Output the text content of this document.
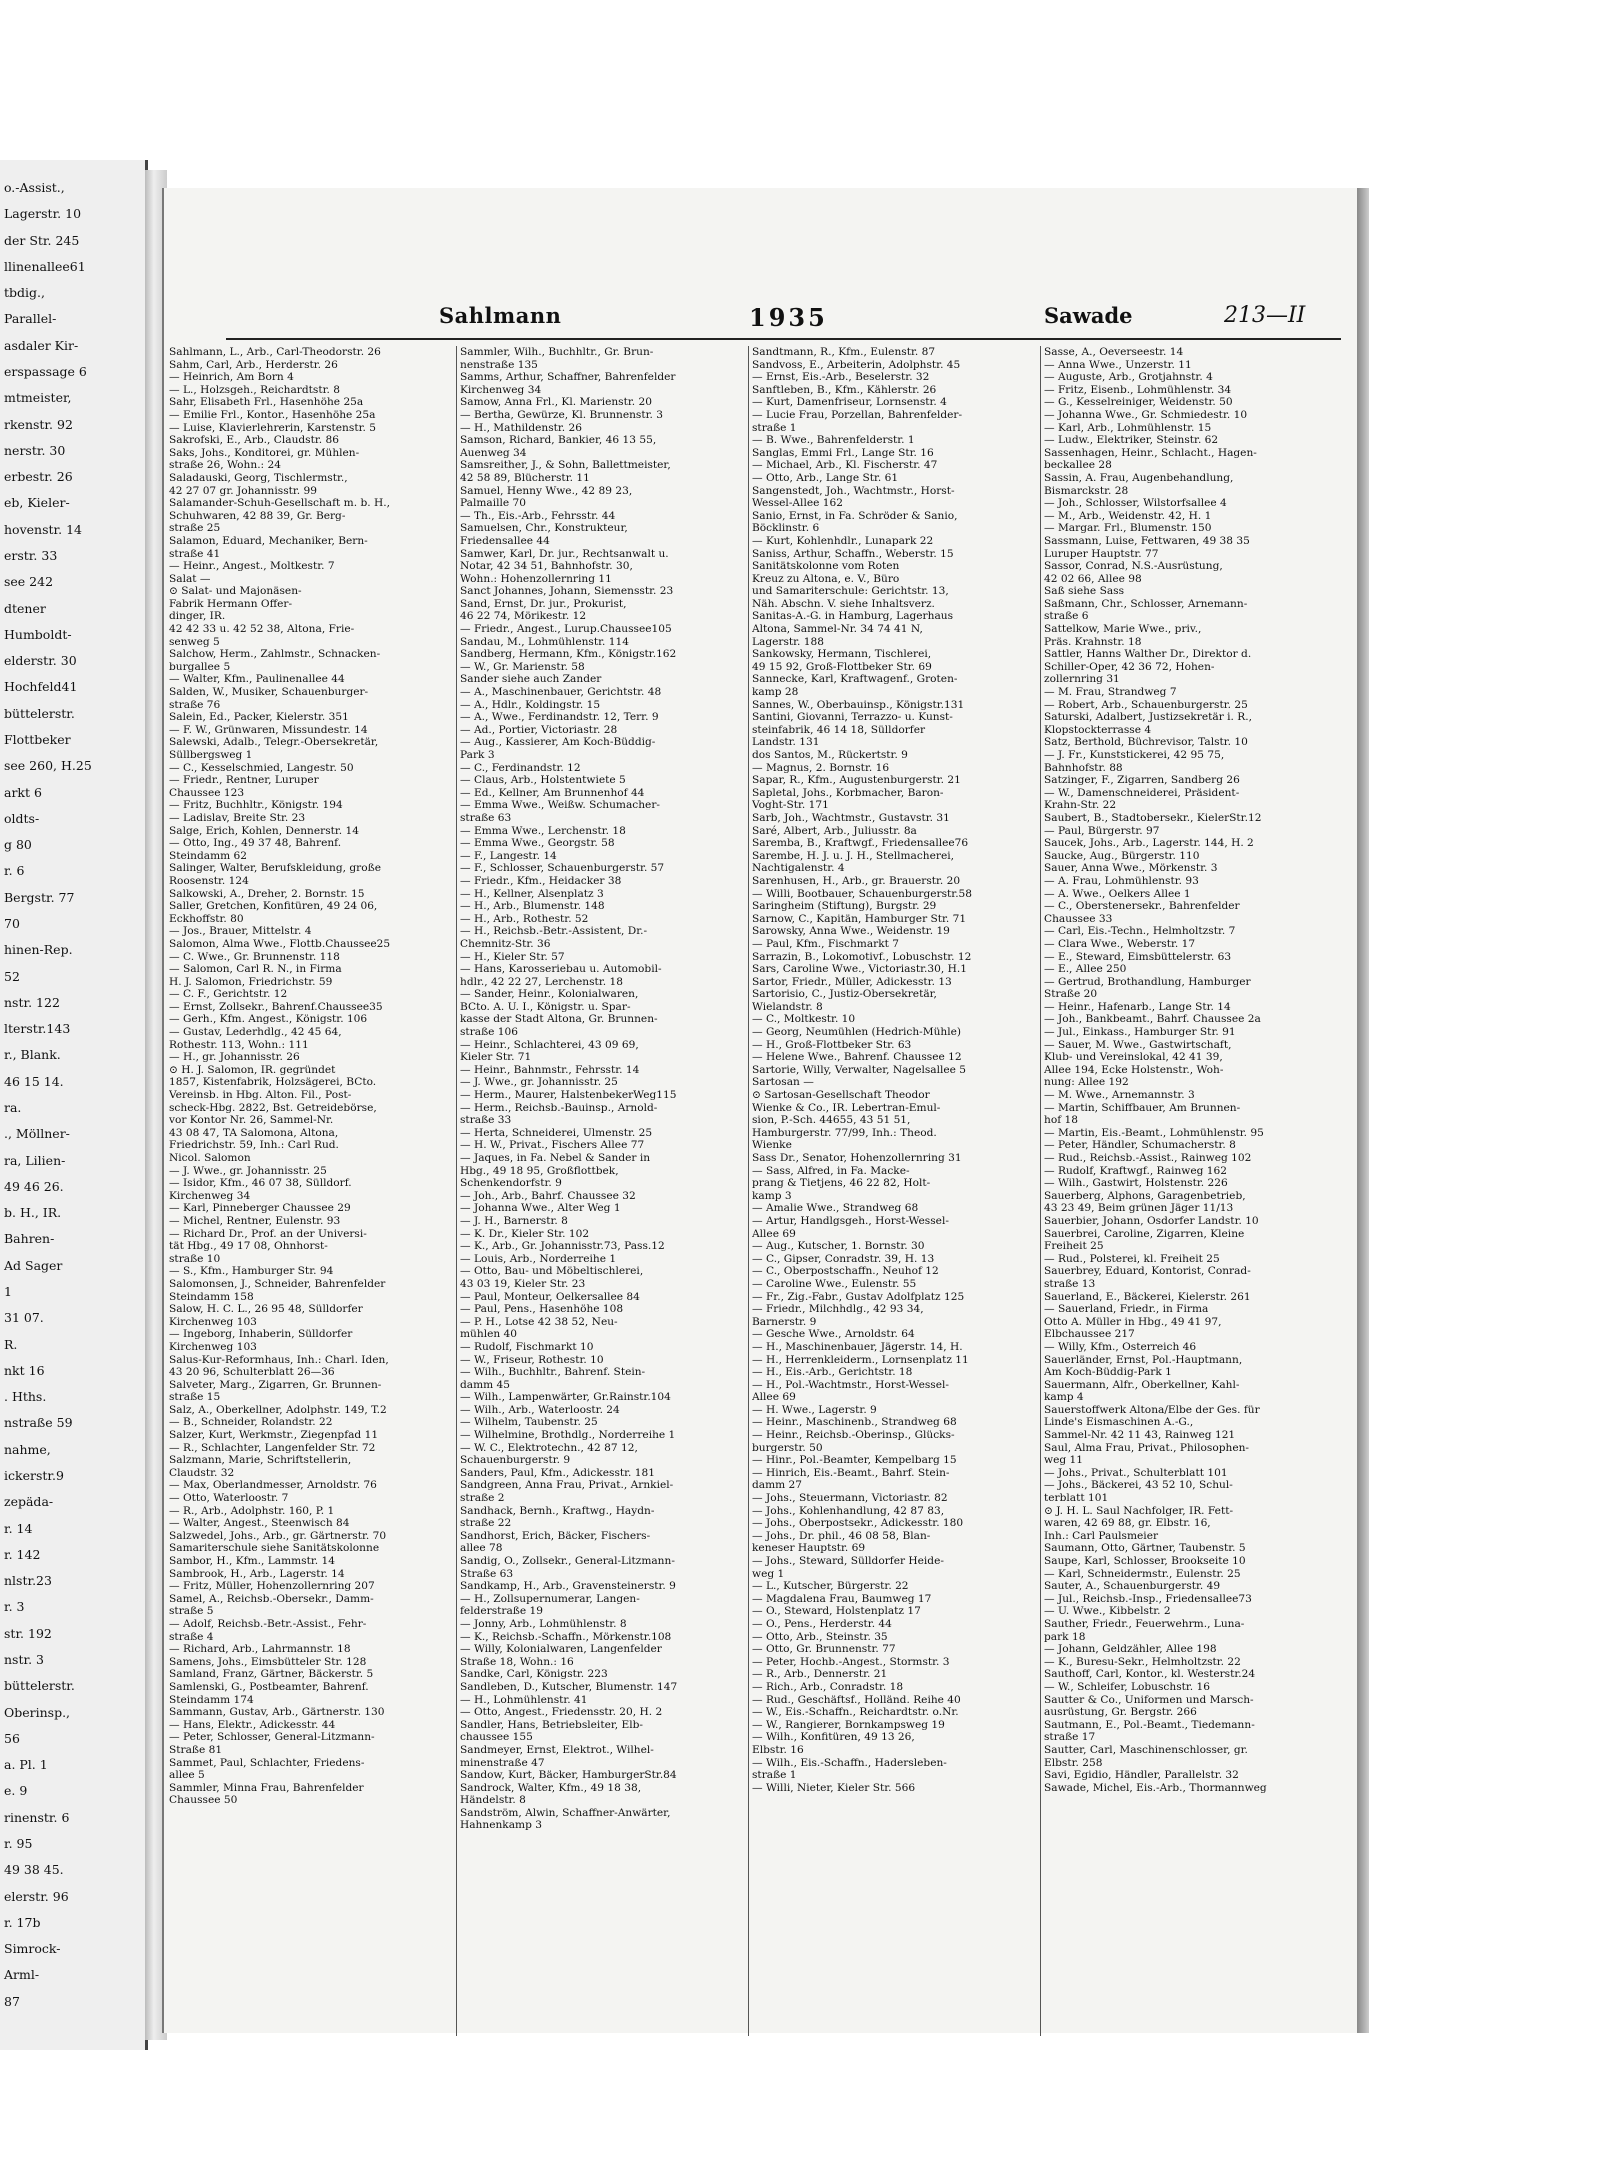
o.-Assist.,
Lagerstr. 10
der Str. 245
llinenallee61
tbdig.,
Parallel-
asdaler Kir-
erspassage 6
mtmeister,
rkenstr. 92
nerstr. 30
erbestr. 26
eb, Kieler-
hovenstr. 14
erstr. 33
see 242
dtener
Humboldt-
elderstr. 30
Hochfeld41
büttelerstr.
Flottbeker
see 260, H.25
arkt 6
oldts-
g 80
r. 6
Bergstr. 77
70
hinen-Rep.
52
nstr. 122
lterstr.143
r., Blank.
46 15 14.
ra.
., Möllner-
ra, Lilien-
49 46 26.
b. H., IR.
Bahren-
Ad Sager
1
31 07.
R.
nkt 16
. Hths.
nstraße 59
nahme,
ickerstr.9
zepäda-
r. 14
r. 142
nlstr.23
r. 3
str. 192
nstr. 3
büttelerstr.
Oberinsp.,
56
a. Pl. 1
e. 9
rinenstr. 6
r. 95
49 38 45.
elerstr. 96
r. 17b
Simrock-
Arml-
87
Sahlmann	1935	Sawade	213—II
Sahlmann, L., Arb., Carl-Theodorstr. 26
Sahm, Carl, Arb., Herderstr. 26
— Heinrich, Am Born 4
— L., Holzsgeh., Reichardtstr. 8
Sahr, Elisabeth Frl., Hasenhöhe 25a
— Emilie Frl., Kontor., Hasenhöhe 25a
— Luise, Klavierlehrerin, Karstenstr. 5
Sakrofski, E., Arb., Claudstr. 86
Saks, Johs., Konditorei, gr. Mühlen-
straße 26, Wohn.: 24
Saladauski, Georg, Tischlermstr.,
42 27 07 gr. Johannisstr. 99
Salamander-Schuh-Gesellschaft m. b. H.,
Schuhwaren, 42 88 39, Gr. Berg-
straße 25
Salamon, Eduard, Mechaniker, Bern-
straße 41
— Heinr., Angest., Moltkestr. 7
Salat —
⊙ Salat- und Majonäsen-
Fabrik Hermann Offer-
dinger, IR.
42 42 33 u. 42 52 38, Altona, Frie-
senweg 5
Salchow, Herm., Zahlmstr., Schnacken-
burgallee 5
— Walter, Kfm., Paulinenallee 44
Salden, W., Musiker, Schauenburger-
straße 76
Salein, Ed., Packer, Kielerstr. 351
— F. W., Grünwaren, Missundestr. 14
Salewski, Adalb., Telegr.-Obersekretär,
Süllbergsweg 1
— C., Kesselschmied, Langestr. 50
— Friedr., Rentner, Luruper
Chaussee 123
— Fritz, Buchhltr., Königstr. 194
— Ladislav, Breite Str. 23
Salge, Erich, Kohlen, Dennerstr. 14
— Otto, Ing., 49 37 48, Bahrenf.
Steindamm 62
Salinger, Walter, Berufskleidung, große
Roosenstr. 124
Salkowski, A., Dreher, 2. Bornstr. 15
Saller, Gretchen, Konfitüren, 49 24 06,
Eckhoffstr. 80
— Jos., Brauer, Mittelstr. 4
Salomon, Alma Wwe., Flottb.Chaussee25
— C. Wwe., Gr. Brunnenstr. 118
— Salomon, Carl R. N., in Firma
H. J. Salomon, Friedrichstr. 59
— C. F., Gerichtstr. 12
— Ernst, Zollsekr., Bahrenf.Chaussee35
— Gerh., Kfm. Angest., Königstr. 106
— Gustav, Lederhdlg., 42 45 64,
Rothestr. 113, Wohn.: 111
— H., gr. Johannisstr. 26
⊙ H. J. Salomon, IR. gegründet
1857, Kistenfabrik, Holzsägerei, BCto.
Vereinsb. in Hbg. Alton. Fil., Post-
scheck-Hbg. 2822, Bst. Getreidebörse,
vor Kontor Nr. 26, Sammel-Nr.
43 08 47, TA Salomona, Altona,
Friedrichstr. 59, Inh.: Carl Rud.
Nicol. Salomon
— J. Wwe., gr. Johannisstr. 25
— Isidor, Kfm., 46 07 38, Sülldorf.
Kirchenweg 34
— Karl, Pinneberger Chaussee 29
— Michel, Rentner, Eulenstr. 93
— Richard Dr., Prof. an der Universi-
tät Hbg., 49 17 08, Ohnhorst-
straße 10
— S., Kfm., Hamburger Str. 94
Salomonsen, J., Schneider, Bahrenfelder
Steindamm 158
Salow, H. C. L., 26 95 48, Sülldorfer
Kirchenweg 103
— Ingeborg, Inhaberin, Sülldorfer
Kirchenweg 103
Salus-Kur-Reformhaus, Inh.: Charl. Iden,
43 20 96, Schulterblatt 26—36
Salveter, Marg., Zigarren, Gr. Brunnen-
straße 15
Salz, A., Oberkellner, Adolphstr. 149, T.2
— B., Schneider, Rolandstr. 22
Salzer, Kurt, Werkmstr., Ziegenpfad 11
— R., Schlachter, Langenfelder Str. 72
Salzmann, Marie, Schriftstellerin,
Claudstr. 32
— Max, Oberlandmesser, Arnoldstr. 76
— Otto, Waterloostr. 7
— R., Arb., Adolphstr. 160, P. 1
— Walter, Angest., Steenwisch 84
Salzwedel, Johs., Arb., gr. Gärtnerstr. 70
Samariterschule siehe Sanitätskolonne
Sambor, H., Kfm., Lammstr. 14
Sambrook, H., Arb., Lagerstr. 14
— Fritz, Müller, Hohenzollernring 207
Samel, A., Reichsb.-Obersekr., Damm-
straße 5
— Adolf, Reichsb.-Betr.-Assist., Fehr-
straße 4
— Richard, Arb., Lahrmannstr. 18
Samens, Johs., Eimsbütteler Str. 128
Samland, Franz, Gärtner, Bäckerstr. 5
Samlenski, G., Postbeamter, Bahrenf.
Steindamm 174
Sammann, Gustav, Arb., Gärtnerstr. 130
— Hans, Elektr., Adickesstr. 44
— Peter, Schlosser, General-Litzmann-
Straße 81
Sammet, Paul, Schlachter, Friedens-
allee 5
Sammler, Minna Frau, Bahrenfelder
Chaussee 50
Sammler, Wilh., Buchhltr., Gr. Brun-
nenstraße 135
Samms, Arthur, Schaffner, Bahrenfelder
Kirchenweg 34
Samow, Anna Frl., Kl. Marienstr. 20
— Bertha, Gewürze, Kl. Brunnenstr. 3
— H., Mathildenstr. 26
Samson, Richard, Bankier, 46 13 55,
Auenweg 34
Samsreither, J., & Sohn, Ballettmeister,
42 58 89, Blücherstr. 11
Samuel, Henny Wwe., 42 89 23,
Palmaille 70
— Th., Eis.-Arb., Fehrsstr. 44
Samuelsen, Chr., Konstrukteur,
Friedensallee 44
Samwer, Karl, Dr. jur., Rechtsanwalt u.
Notar, 42 34 51, Bahnhofstr. 30,
Wohn.: Hohenzollernring 11
Sanct Johannes, Johann, Siemensstr. 23
Sand, Ernst, Dr. jur., Prokurist,
46 22 74, Mörikestr. 12
— Friedr., Angest., Lurup.Chaussee105
Sandau, M., Lohmühlenstr. 114
Sandberg, Hermann, Kfm., Königstr.162
— W., Gr. Marienstr. 58
Sander siehe auch Zander
— A., Maschinenbauer, Gerichtstr. 48
— A., Hdlr., Koldingstr. 15
— A., Wwe., Ferdinandstr. 12, Terr. 9
— Ad., Portier, Victoriastr. 28
— Aug., Kassierer, Am Koch-Büddig-
Park 3
— C., Ferdinandstr. 12
— Claus, Arb., Holstentwiete 5
— Ed., Kellner, Am Brunnenhof 44
— Emma Wwe., Weißw. Schumacher-
straße 63
— Emma Wwe., Lerchenstr. 18
— Emma Wwe., Georgstr. 58
— F., Langestr. 14
— F., Schlosser, Schauenburgerstr. 57
— Friedr., Kfm., Heidacker 38
— H., Kellner, Alsenplatz 3
— H., Arb., Blumenstr. 148
— H., Arb., Rothestr. 52
— H., Reichsb.-Betr.-Assistent, Dr.-
Chemnitz-Str. 36
— H., Kieler Str. 57
— Hans, Karosseriebau u. Automobil-
hdlr., 42 22 27, Lerchenstr. 18
— Sander, Heinr., Kolonialwaren,
BCto. A. U. I., Königstr. u. Spar-
kasse der Stadt Altona, Gr. Brunnen-
straße 106
— Heinr., Schlachterei, 43 09 69,
Kieler Str. 71
— Heinr., Bahnmstr., Fehrsstr. 14
— J. Wwe., gr. Johannisstr. 25
— Herm., Maurer, HalstenbekerWeg115
— Herm., Reichsb.-Bauinsp., Arnold-
straße 33
— Herta, Schneiderei, Ulmenstr. 25
— H. W., Privat., Fischers Allee 77
— Jaques, in Fa. Nebel & Sander in
Hbg., 49 18 95, Großflottbek,
Schenkendorfstr. 9
— Joh., Arb., Bahrf. Chaussee 32
— Johanna Wwe., Alter Weg 1
— J. H., Barnerstr. 8
— K. Dr., Kieler Str. 102
— K., Arb., Gr. Johannisstr.73, Pass.12
— Louis, Arb., Norderreihe 1
— Otto, Bau- und Möbeltischlerei,
43 03 19, Kieler Str. 23
— Paul, Monteur, Oelkersallee 84
— Paul, Pens., Hasenhöhe 108
— P. H., Lotse 42 38 52, Neu-
mühlen 40
— Rudolf, Fischmarkt 10
— W., Friseur, Rothestr. 10
— Wilh., Buchhltr., Bahrenf. Stein-
damm 45
— Wilh., Lampenwärter, Gr.Rainstr.104
— Wilh., Arb., Waterloostr. 24
— Wilhelm, Taubenstr. 25
— Wilhelmine, Brothdlg., Norderreihe 1
— W. C., Elektrotechn., 42 87 12,
Schauenburgerstr. 9
Sanders, Paul, Kfm., Adickesstr. 181
Sandgreen, Anna Frau, Privat., Arnkiel-
straße 2
Sandhack, Bernh., Kraftwg., Haydn-
straße 22
Sandhorst, Erich, Bäcker, Fischers-
allee 78
Sandig, O., Zollsekr., General-Litzmann-
Straße 63
Sandkamp, H., Arb., Gravensteinerstr. 9
— H., Zollsupernumerar, Langen-
felderstraße 19
— Jonny, Arb., Lohmühlenstr. 8
— K., Reichsb.-Schaffn., Mörkenstr.108
— Willy, Kolonialwaren, Langenfelder
Straße 18, Wohn.: 16
Sandke, Carl, Königstr. 223
Sandleben, D., Kutscher, Blumenstr. 147
— H., Lohmühlenstr. 41
— Otto, Angest., Friedensstr. 20, H. 2
Sandler, Hans, Betriebsleiter, Elb-
chaussee 155
Sandmeyer, Ernst, Elektrot., Wilhel-
minenstraße 47
Sandow, Kurt, Bäcker, HamburgerStr.84
Sandrock, Walter, Kfm., 49 18 38,
Händelstr. 8
Sandström, Alwin, Schaffner-Anwärter,
Hahnenkamp 3
Sandtmann, R., Kfm., Eulenstr. 87
Sandvoss, E., Arbeiterin, Adolphstr. 45
— Ernst, Eis.-Arb., Beselerstr. 32
Sanftleben, B., Kfm., Kählerstr. 26
— Kurt, Damenfriseur, Lornsenstr. 4
— Lucie Frau, Porzellan, Bahrenfelder-
straße 1
— B. Wwe., Bahrenfelderstr. 1
Sanglas, Emmi Frl., Lange Str. 16
— Michael, Arb., Kl. Fischerstr. 47
— Otto, Arb., Lange Str. 61
Sangenstedt, Joh., Wachtmstr., Horst-
Wessel-Allee 162
Sanio, Ernst, in Fa. Schröder & Sanio,
Böcklinstr. 6
— Kurt, Kohlenhdlr., Lunapark 22
Saniss, Arthur, Schaffn., Weberstr. 15
Sanitätskolonne vom Roten
Kreuz zu Altona, e. V., Büro
und Samariterschule: Gerichtstr. 13,
Näh. Abschn. V. siehe Inhaltsverz.
Sanitas-A.-G. in Hamburg, Lagerhaus
Altona, Sammel-Nr. 34 74 41 N,
Lagerstr. 188
Sankowsky, Hermann, Tischlerei,
49 15 92, Groß-Flottbeker Str. 69
Sannecke, Karl, Kraftwagenf., Groten-
kamp 28
Sannes, W., Oberbauinsp., Königstr.131
Santini, Giovanni, Terrazzo- u. Kunst-
steinfabrik, 46 14 18, Sülldorfer
Landstr. 131
dos Santos, M., Rückertstr. 9
— Magnus, 2. Bornstr. 16
Sapar, R., Kfm., Augustenburgerstr. 21
Sapletal, Johs., Korbmacher, Baron-
Voght-Str. 171
Sarb, Joh., Wachtmstr., Gustavstr. 31
Saré, Albert, Arb., Juliusstr. 8a
Saremba, B., Kraftwgf., Friedensallee76
Sarembe, H. J. u. J. H., Stellmacherei,
Nachtigalenstr. 4
Sarenhusen, H., Arb., gr. Brauerstr. 20
— Willi, Bootbauer, Schauenburgerstr.58
Saringheim (Stiftung), Burgstr. 29
Sarnow, C., Kapitän, Hamburger Str. 71
Sarowsky, Anna Wwe., Weidenstr. 19
— Paul, Kfm., Fischmarkt 7
Sarrazin, B., Lokomotivf., Lobuschstr. 12
Sars, Caroline Wwe., Victoriastr.30, H.1
Sartor, Friedr., Müller, Adickesstr. 13
Sartorisio, C., Justiz-Obersekretär,
Wielandstr. 8
— C., Moltkestr. 10
— Georg, Neumühlen (Hedrich-Mühle)
— H., Groß-Flottbeker Str. 63
— Helene Wwe., Bahrenf. Chaussee 12
Sartorie, Willy, Verwalter, Nagelsallee 5
Sartosan —
⊙ Sartosan-Gesellschaft Theodor
Wienke & Co., IR. Lebertran-Emul-
sion, P.-Sch. 44655, 43 51 51,
Hamburgerstr. 77/99, Inh.: Theod.
Wienke
Sass Dr., Senator, Hohenzollernring 31
— Sass, Alfred, in Fa. Macke-
prang & Tietjens, 46 22 82, Holt-
kamp 3
— Amalie Wwe., Strandweg 68
— Artur, Handlgsgeh., Horst-Wessel-
Allee 69
— Aug., Kutscher, 1. Bornstr. 30
— C., Gipser, Conradstr. 39, H. 13
— C., Oberpostschaffn., Neuhof 12
— Caroline Wwe., Eulenstr. 55
— Fr., Zig.-Fabr., Gustav Adolfplatz 125
— Friedr., Milchhdlg., 42 93 34,
Barnerstr. 9
— Gesche Wwe., Arnoldstr. 64
— H., Maschinenbauer, Jägerstr. 14, H.
— H., Herrenkleiderm., Lornsenplatz 11
— H., Eis.-Arb., Gerichtstr. 18
— H., Pol.-Wachtmstr., Horst-Wessel-
Allee 69
— H. Wwe., Lagerstr. 9
— Heinr., Maschinenb., Strandweg 68
— Heinr., Reichsb.-Oberinsp., Glücks-
burgerstr. 50
— Hinr., Pol.-Beamter, Kempelbarg 15
— Hinrich, Eis.-Beamt., Bahrf. Stein-
damm 27
— Johs., Steuermann, Victoriastr. 82
— Johs., Kohlenhandlung, 42 87 83,
— Johs., Oberpostsekr., Adickesstr. 180
— Johs., Dr. phil., 46 08 58, Blan-
keneser Hauptstr. 69
— Johs., Steward, Sülldorfer Heide-
weg 1
— L., Kutscher, Bürgerstr. 22
— Magdalena Frau, Baumweg 17
— O., Steward, Holstenplatz 17
— O., Pens., Herderstr. 44
— Otto, Arb., Steinstr. 35
— Otto, Gr. Brunnenstr. 77
— Peter, Hochb.-Angest., Stormstr. 3
— R., Arb., Dennerstr. 21
— Rich., Arb., Conradstr. 18
— Rud., Geschäftsf., Holländ. Reihe 40
— W., Eis.-Schaffn., Reichardtstr. o.Nr.
— W., Rangierer, Bornkampsweg 19
— Wilh., Konfitüren, 49 13 26,
Elbstr. 16
— Wilh., Eis.-Schaffn., Hadersleben-
straße 1
— Willi, Nieter, Kieler Str. 566
Sasse, A., Oeverseestr. 14
— Anna Wwe., Unzerstr. 11
— Auguste, Arb., Grotjahnstr. 4
— Fritz, Eisenb., Lohmühlenstr. 34
— G., Kesselreiniger, Weidenstr. 50
— Johanna Wwe., Gr. Schmiedestr. 10
— Karl, Arb., Lohmühlenstr. 15
— Ludw., Elektriker, Steinstr. 62
Sassenhagen, Heinr., Schlacht., Hagen-
beckallee 28
Sassin, A. Frau, Augenbehandlung,
Bismarckstr. 28
— Joh., Schlosser, Wilstorfsallee 4
— M., Arb., Weidenstr. 42, H. 1
— Margar. Frl., Blumenstr. 150
Sassmann, Luise, Fettwaren, 49 38 35
Luruper Hauptstr. 77
Sassor, Conrad, N.S.-Ausrüstung,
42 02 66, Allee 98
Saß siehe Sass
Saßmann, Chr., Schlosser, Arnemann-
straße 6
Sattelkow, Marie Wwe., priv.,
Präs. Krahnstr. 18
Sattler, Hanns Walther Dr., Direktor d.
Schiller-Oper, 42 36 72, Hohen-
zollernring 31
— M. Frau, Strandweg 7
— Robert, Arb., Schauenburgerstr. 25
Saturski, Adalbert, Justizsekretär i. R.,
Klopstockterrasse 4
Satz, Berthold, Büchrevisor, Talstr. 10
— J. Fr., Kunststickerei, 42 95 75,
Bahnhofstr. 88
Satzinger, F., Zigarren, Sandberg 26
— W., Damenschneiderei, Präsident-
Krahn-Str. 22
Saubert, B., Stadtobersekr., KielerStr.12
— Paul, Bürgerstr. 97
Saucek, Johs., Arb., Lagerstr. 144, H. 2
Saucke, Aug., Bürgerstr. 110
Sauer, Anna Wwe., Mörkenstr. 3
— A. Frau, Lohmühlenstr. 93
— A. Wwe., Oelkers Allee 1
— C., Oberstenersekr., Bahrenfelder
Chaussee 33
— Carl, Eis.-Techn., Helmholtzstr. 7
— Clara Wwe., Weberstr. 17
— E., Steward, Eimsbüttelerstr. 63
— E., Allee 250
— Gertrud, Brothandlung, Hamburger
Straße 20
— Heinr., Hafenarb., Lange Str. 14
— Joh., Bankbeamt., Bahrf. Chaussee 2a
— Jul., Einkass., Hamburger Str. 91
— Sauer, M. Wwe., Gastwirtschaft,
Klub- und Vereinslokal, 42 41 39,
Allee 194, Ecke Holstenstr., Woh-
nung: Allee 192
— M. Wwe., Arnemannstr. 3
— Martin, Schiffbauer, Am Brunnen-
hof 18
— Martin, Eis.-Beamt., Lohmühlenstr. 95
— Peter, Händler, Schumacherstr. 8
— Rud., Reichsb.-Assist., Rainweg 102
— Rudolf, Kraftwgf., Rainweg 162
— Wilh., Gastwirt, Holstenstr. 226
Sauerberg, Alphons, Garagenbetrieb,
43 23 49, Beim grünen Jäger 11/13
Sauerbier, Johann, Osdorfer Landstr. 10
Sauerbrei, Caroline, Zigarren, Kleine
Freiheit 25
— Rud., Polsterei, kl. Freiheit 25
Sauerbrey, Eduard, Kontorist, Conrad-
straße 13
Sauerland, E., Bäckerei, Kielerstr. 261
— Sauerland, Friedr., in Firma
Otto A. Müller in Hbg., 49 41 97,
Elbchaussee 217
— Willy, Kfm., Osterreich 46
Sauerländer, Ernst, Pol.-Hauptmann,
Am Koch-Büddig-Park 1
Sauermann, Alfr., Oberkellner, Kahl-
kamp 4
Sauerstoffwerk Altona/Elbe der Ges. für
Linde's Eismaschinen A.-G.,
Sammel-Nr. 42 11 43, Rainweg 121
Saul, Alma Frau, Privat., Philosophen-
weg 11
— Johs., Privat., Schulterblatt 101
— Johs., Bäckerei, 43 52 10, Schul-
terblatt 101
⊙ J. H. L. Saul Nachfolger, IR. Fett-
waren, 42 69 88, gr. Elbstr. 16,
Inh.: Carl Paulsmeier
Saumann, Otto, Gärtner, Taubenstr. 5
Saupe, Karl, Schlosser, Brookseite 10
— Karl, Schneidermstr., Eulenstr. 25
Sauter, A., Schauenburgerstr. 49
— Jul., Reichsb.-Insp., Friedensallee73
— U. Wwe., Kibbelstr. 2
Sauther, Friedr., Feuerwehrm., Luna-
park 18
— Johann, Geldzähler, Allee 198
— K., Buresu-Sekr., Helmholtzstr. 22
Sauthoff, Carl, Kontor., kl. Westerstr.24
— W., Schleifer, Lobuschstr. 16
Sautter & Co., Uniformen und Marsch-
ausrüstung, Gr. Bergstr. 266
Sautmann, E., Pol.-Beamt., Tiedemann-
straße 17
Sautter, Carl, Maschinenschlosser, gr.
Elbstr. 258
Savi, Egidio, Händler, Parallelstr. 32
Sawade, Michel, Eis.-Arb., Thormannweg
